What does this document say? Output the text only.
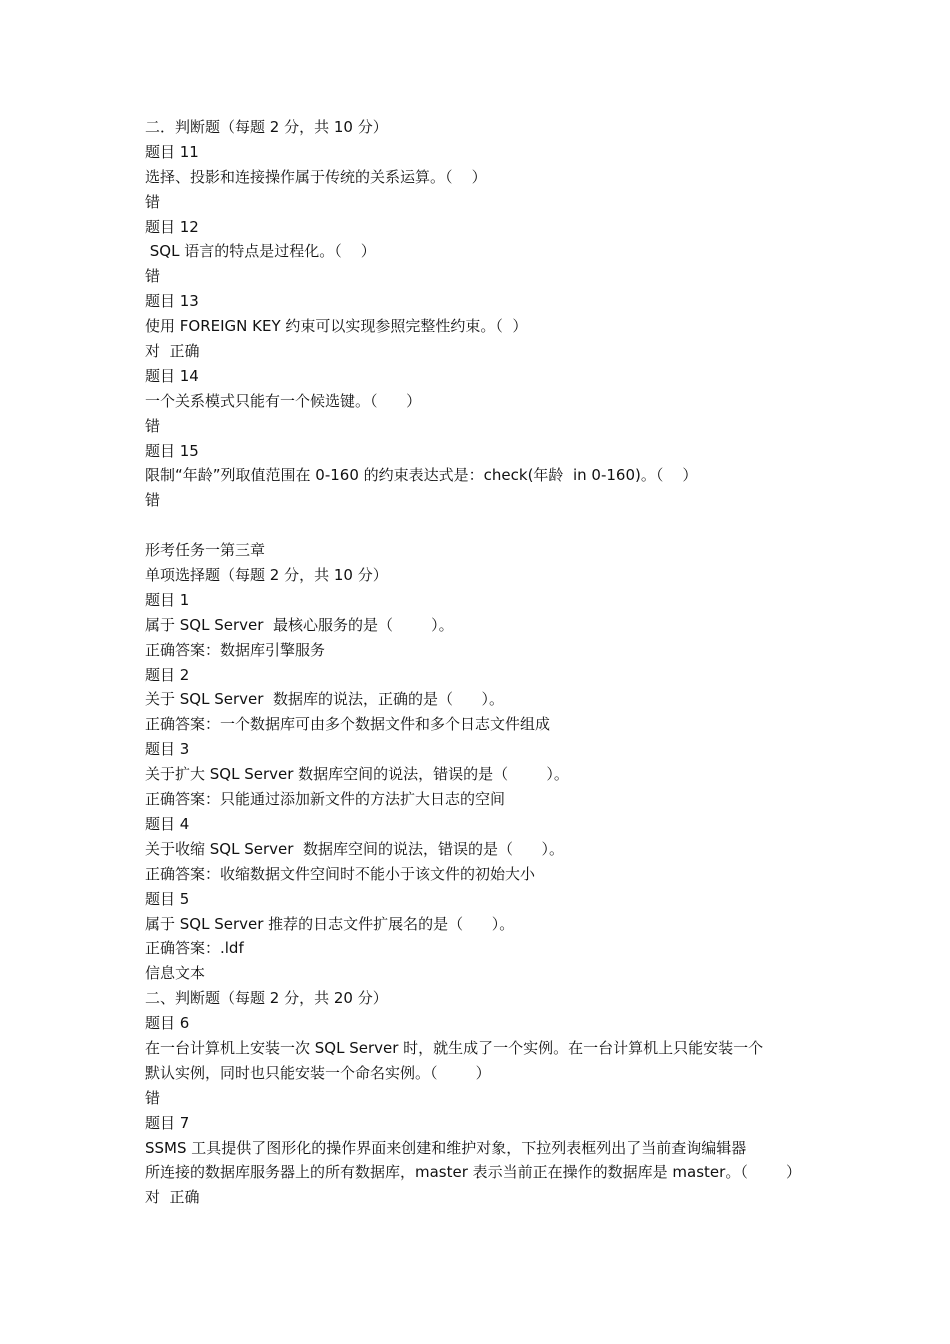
二．判断题（每题 2 分，共 10 分）
题目 11
选择、投影和连接操作属于传统的关系运算。（    ）
错
题目 12
SQL 语言的特点是过程化。（    ）
错
题目 13
使用 FOREIGN KEY 约束可以实现参照完整性约束。（  ）
对  正确
题目 14
一个关系模式只能有一个候选键。（      ）
错
题目 15
限制“年龄”列取值范围在 0-160 的约束表达式是：check(年龄  in 0-160)。（    ）
错
形考任务一第三章
单项选择题（每题 2 分，共 10 分）
题目 1
属于 SQL Server  最核心服务的是（        ）。
正确答案：数据库引擎服务
题目 2
关于 SQL Server  数据库的说法，正确的是（      ）。
正确答案：一个数据库可由多个数据文件和多个日志文件组成
题目 3
关于扩大 SQL Server 数据库空间的说法，错误的是（        ）。
正确答案：只能通过添加新文件的方法扩大日志的空间
题目 4
关于收缩 SQL Server  数据库空间的说法，错误的是（      ）。
正确答案：收缩数据文件空间时不能小于该文件的初始大小
题目 5
属于 SQL Server 推荐的日志文件扩展名的是（      ）。
正确答案：.ldf
信息文本
二、判断题（每题 2 分，共 20 分）
题目 6
在一台计算机上安装一次 SQL Server 时，就生成了一个实例。在一台计算机上只能安装一个
默认实例，同时也只能安装一个命名实例。（        ）
错
题目 7
SSMS 工具提供了图形化的操作界面来创建和维护对象，下拉列表框列出了当前查询编辑器
所连接的数据库服务器上的所有数据库，master 表示当前正在操作的数据库是 master。（        ）
对  正确
